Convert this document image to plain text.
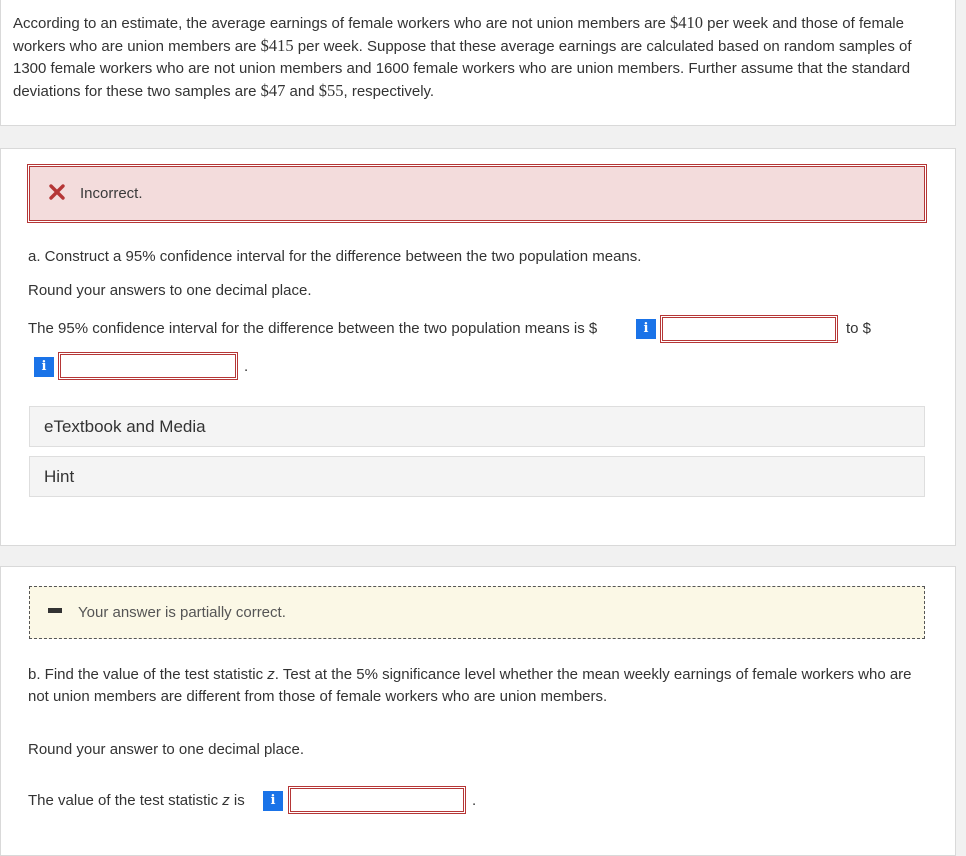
According to an estimate, the average earnings of female workers who are not union members are $410 per week and those of female workers who are union members are $415 per week. Suppose that these average earnings are calculated based on random samples of 1300 female workers who are not union members and 1600 female workers who are union members. Further assume that the standard deviations for these two samples are $47 and $55, respectively.
Incorrect.
a. Construct a 95% confidence interval for the difference between the two population means.
Round your answers to one decimal place.
The 95% confidence interval for the difference between the two population means is $	i	to $
i	.
eTextbook and Media
Hint
Your answer is partially correct.
b. Find the value of the test statistic z. Test at the 5% significance level whether the mean weekly earnings of female workers who are not union members are different from those of female workers who are union members.
Round your answer to one decimal place.
The value of the test statistic z is	i	.
